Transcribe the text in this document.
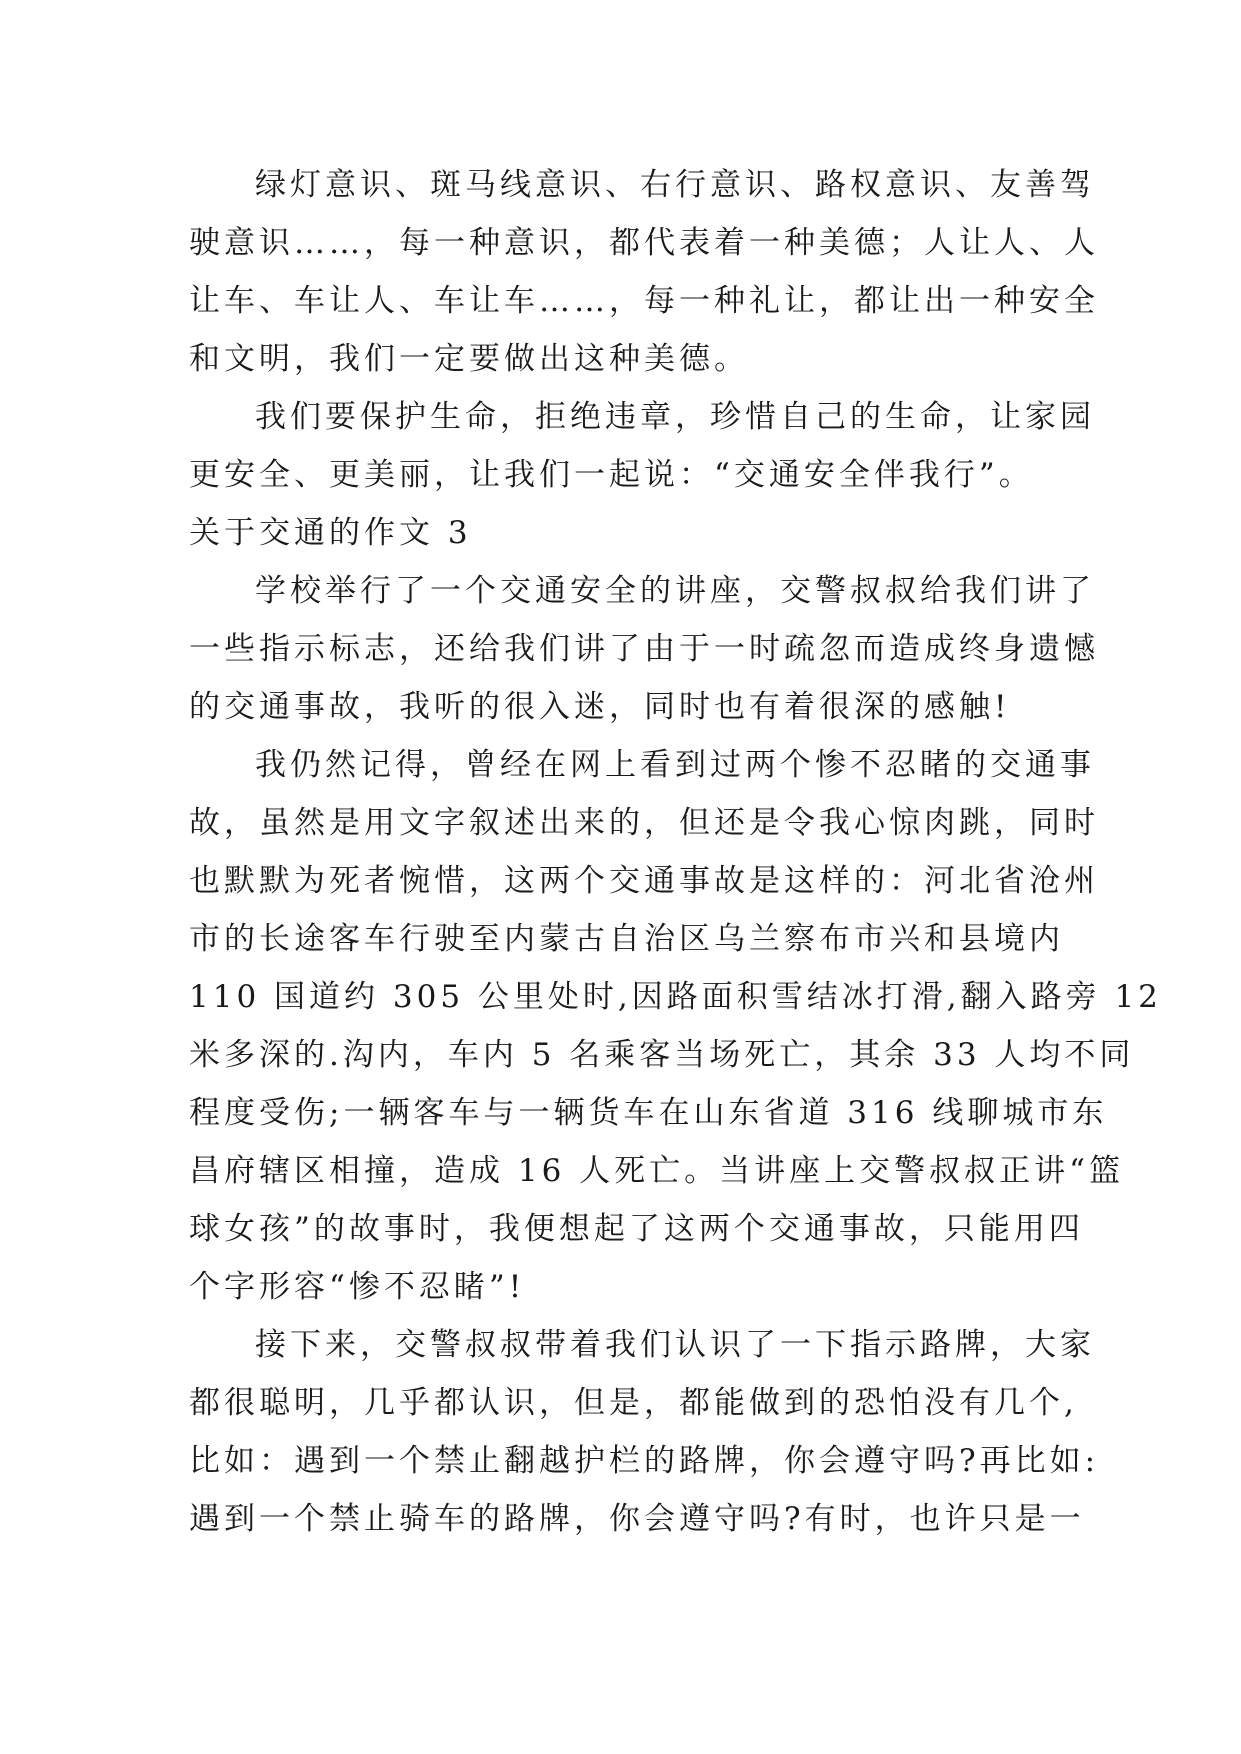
绿灯意识、斑马线意识、右行意识、路权意识、友善驾
驶意识……，每一种意识，都代表着一种美德；人让人、人
让车、车让人、车让车……，每一种礼让，都让出一种安全
和文明，我们一定要做出这种美德。
我们要保护生命，拒绝违章，珍惜自己的生命，让家园
更安全、更美丽，让我们一起说：“交通安全伴我行”。
关于交通的作文 3
学校举行了一个交通安全的讲座，交警叔叔给我们讲了
一些指示标志，还给我们讲了由于一时疏忽而造成终身遗憾
的交通事故，我听的很入迷，同时也有着很深的感触!
我仍然记得，曾经在网上看到过两个惨不忍睹的交通事
故，虽然是用文字叙述出来的，但还是令我心惊肉跳，同时
也默默为死者惋惜，这两个交通事故是这样的：河北省沧州
市的长途客车行驶至内蒙古自治区乌兰察布市兴和县境内
110 国道约 305 公里处时,因路面积雪结冰打滑,翻入路旁 12
米多深的.沟内，车内 5 名乘客当场死亡，其余 33 人均不同
程度受伤;一辆客车与一辆货车在山东省道 316 线聊城市东
昌府辖区相撞，造成 16 人死亡。当讲座上交警叔叔正讲“篮
球女孩”的故事时，我便想起了这两个交通事故，只能用四
个字形容“惨不忍睹”!
接下来，交警叔叔带着我们认识了一下指示路牌，大家
都很聪明，几乎都认识，但是，都能做到的恐怕没有几个,
比如：遇到一个禁止翻越护栏的路牌，你会遵守吗?再比如:
遇到一个禁止骑车的路牌，你会遵守吗?有时，也许只是一
